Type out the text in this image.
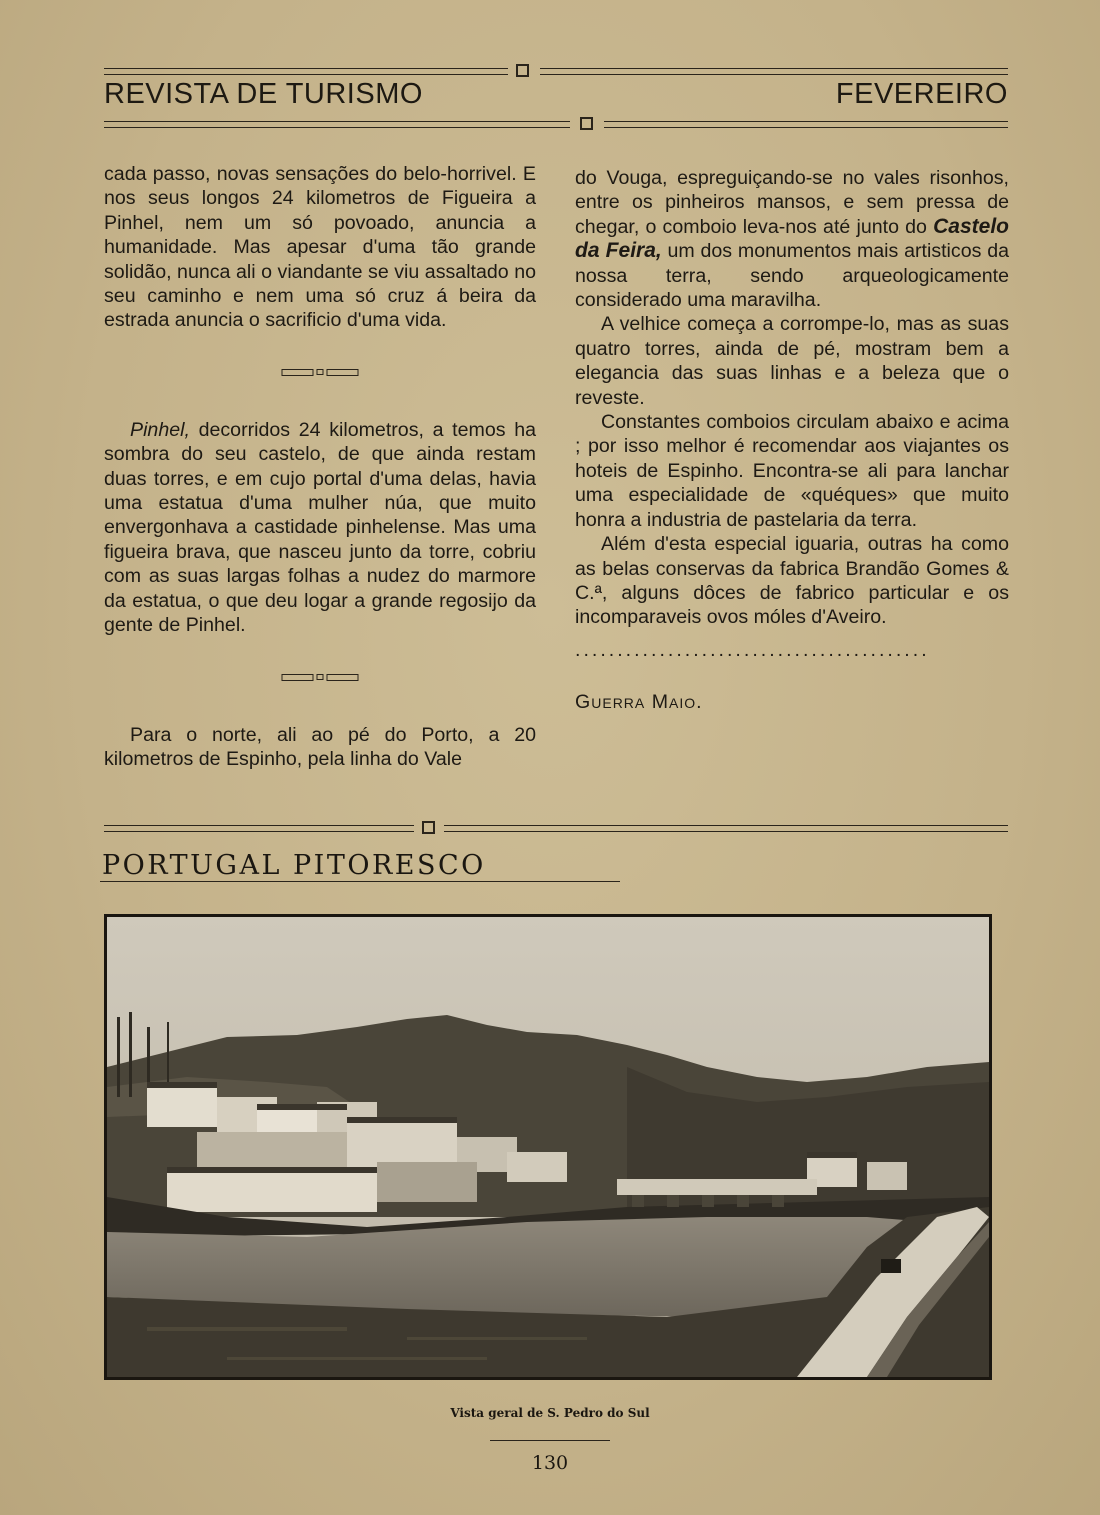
REVISTA DE TURISMO	FEVEREIRO

cada passo, novas sensações do belo-horrivel. E nos seus longos 24 kilometros de Figueira a Pinhel, nem um só povoado, anuncia a humanidade. Mas apesar d'uma tão grande solidão, nunca ali o viandante se viu assaltado no seu caminho e nem uma só cruz á beira da estrada anuncia o sacrificio d'uma vida.

Pinhel, decorridos 24 kilometros, a temos ha sombra do seu castelo, de que ainda restam duas torres, e em cujo portal d'uma delas, havia uma estatua d'uma mulher núa, que muito envergonhava a castidade pinhelense. Mas uma figueira brava, que nasceu junto da torre, cobriu com as suas largas folhas a nudez do marmore da estatua, o que deu logar a grande regosijo da gente de Pinhel.

Para o norte, ali ao pé do Porto, a 20 kilometros de Espinho, pela linha do Vale

do Vouga, espreguiçando-se no vales risonhos, entre os pinheiros mansos, e sem pressa de chegar, o comboio leva-nos até junto do Castelo da Feira, um dos monumentos mais artisticos da nossa terra, sendo arqueologicamente considerado uma maravilha.

A velhice começa a corrompe-lo, mas as suas quatro torres, ainda de pé, mostram bem a elegancia das suas linhas e a beleza que o reveste.

Constantes comboios circulam abaixo e acima ; por isso melhor é recomendar aos viajantes os hoteis de Espinho. Encontra-se ali para lanchar uma especialidade de «quéques» que muito honra a industria de pastelaria da terra.

Além d'esta especial iguaria, outras ha como as belas conservas da fabrica Brandão Gomes & C.ª, alguns dôces de fabrico particular e os incomparaveis ovos móles d'Aveiro.

..........................................

Guerra Maio.

PORTUGAL PITORESCO
Vista geral de S. Pedro do Sul
130
